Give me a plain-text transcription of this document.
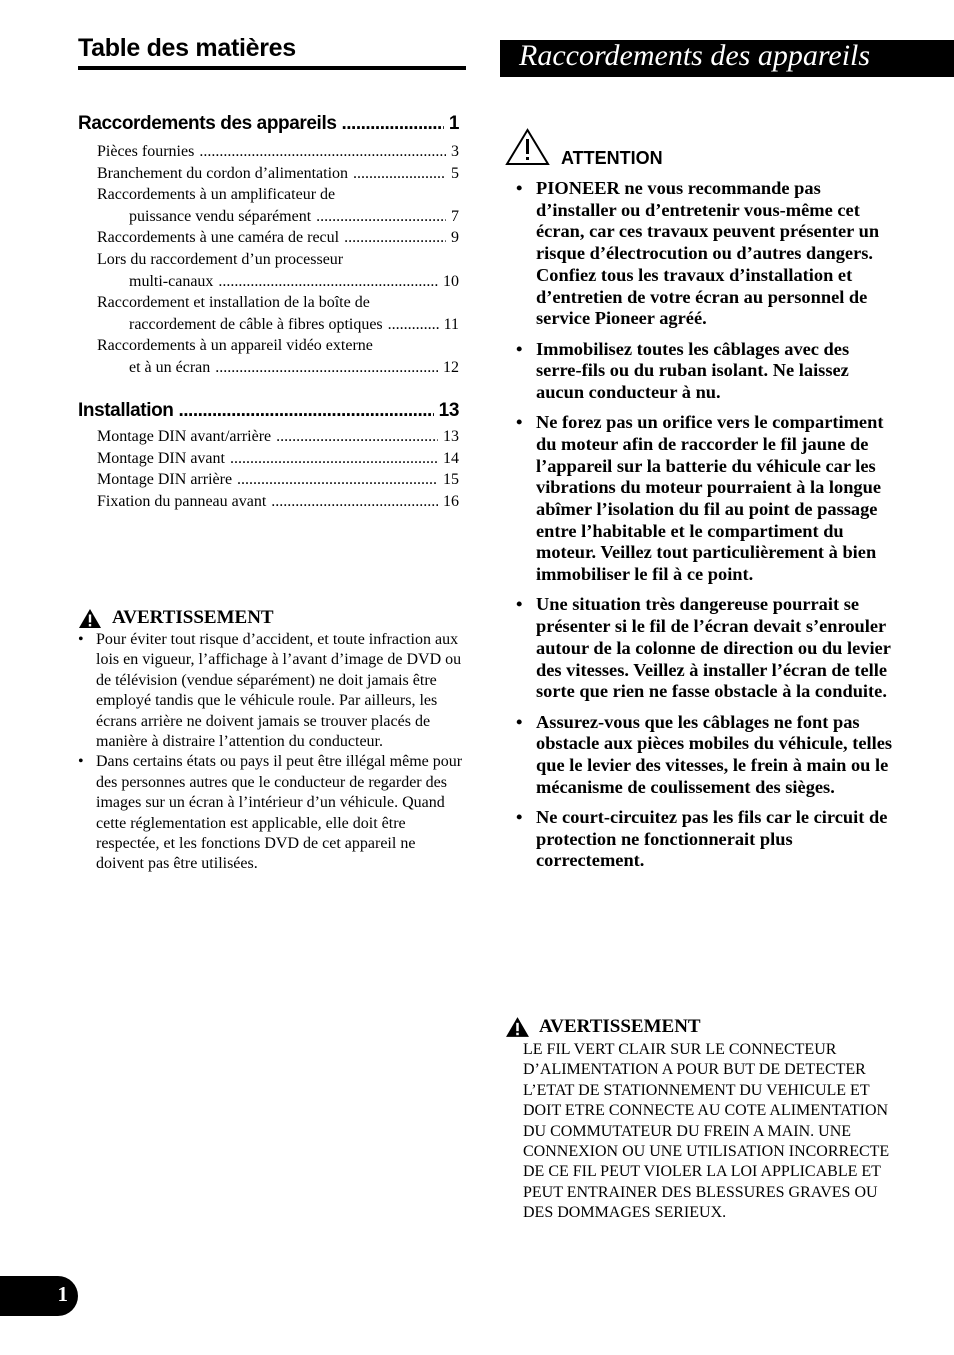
Table des matières
Raccordements des appareils .....	1
Pièces fournies .....	3
Branchement du cordon d’alimentation .....	5
Raccordements à un amplificateur de
puissance vendu séparément .....	7
Raccordements à une caméra de recul .....	9
Lors du raccordement d’un processeur
multi-canaux .....	10
Raccordement et installation de la boîte de
raccordement de câble à fibres optiques .....	11
Raccordements à un appareil vidéo externe
et à un écran .....	12
Installation .....	13
Montage DIN avant/arrière .....	13
Montage DIN avant .....	14
Montage DIN arrière .....	15
Fixation du panneau avant .....	16
AVERTISSEMENT
• Pour éviter tout risque d’accident, et toute infraction aux lois en vigueur, l’affichage à l’avant d’image de DVD ou de télévision (vendue séparément) ne doit jamais être employé tandis que le véhicule roule. Par ailleurs, les écrans arrière ne doivent jamais se trouver placés de manière à distraire l’attention du conducteur.
• Dans certains états ou pays il peut être illégal même pour des personnes autres que le conducteur de regarder des images sur un écran à l’intérieur d’un véhicule. Quand cette réglementation est applicable, elle doit être respectée, et les fonctions DVD de cet appareil ne doivent pas être utilisées.
Raccordements des appareils
ATTENTION
• PIONEER ne vous recommande pas d’installer ou d’entretenir vous-même cet écran, car ces travaux peuvent présenter un risque d’électrocution ou d’autres dangers. Confiez tous les travaux d’installation et d’entretien de votre écran au personnel de service Pioneer agréé.
• Immobilisez toutes les câblages avec des serre-fils ou du ruban isolant. Ne laissez aucun conducteur à nu.
• Ne forez pas un orifice vers le compartiment du moteur afin de raccorder le fil jaune de l’appareil sur la batterie du véhicule car les vibrations du moteur pourraient à la longue abîmer l’isolation du fil au point de passage entre l’habitable et le compartiment du moteur. Veillez tout particulièrement à bien immobiliser le fil à ce point.
• Une situation très dangereuse pourrait se présenter si le fil de l’écran devait s’enrouler autour de la colonne de direction ou du levier des vitesses. Veillez à installer l’écran de telle sorte que rien ne fasse obstacle à la conduite.
• Assurez-vous que les câblages ne font pas obstacle aux pièces mobiles du véhicule, telles que le levier des vitesses, le frein à main ou le mécanisme de coulissement des sièges.
• Ne court-circuitez pas les fils car le circuit de protection ne fonctionnerait plus correctement.
AVERTISSEMENT
LE FIL VERT CLAIR SUR LE CONNECTEUR D’ALIMENTATION A POUR BUT DE DETECTER L’ETAT DE STATIONNEMENT DU VEHICULE ET DOIT ETRE CONNECTE AU COTE ALIMENTATION DU COMMUTATEUR DU FREIN A MAIN. UNE CONNEXION OU UNE UTILISATION INCORRECTE DE CE FIL PEUT VIOLER LA LOI APPLICABLE ET PEUT ENTRAINER DES BLESSURES GRAVES OU DES DOMMAGES SERIEUX.
1
